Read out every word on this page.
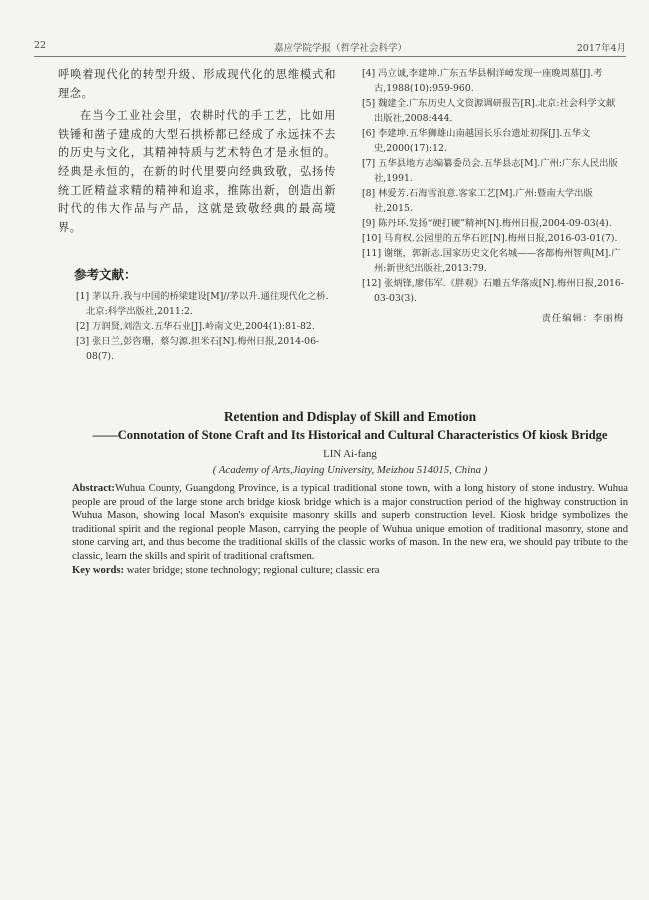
22	嘉应学院学报（哲学社会科学）	2017年4月

呼唤着现代化的转型升级、形成现代化的思维模式和理念。

在当今工业社会里，农耕时代的手工艺，比如用铁锤和凿子建成的大型石拱桥都已经成了永远抹不去的历史与文化，其精神特质与艺术特色才是永恒的。经典是永恒的，在新的时代里要向经典致敬，弘扬传统工匠精益求精的精神和追求，推陈出新，创造出新时代的伟大作品与产品，这就是致敬经典的最高境界。

参考文献：
[1] 茅以升.我与中国的桥梁建设[M]//茅以升.通往现代化之桥.北京:科学出版社,2011:2.
[2] 万润贤,刘浩文.五华石业[J].岭南文史,2004(1):81-82.
[3] 张日兰,彭咨珊，蔡匀源.担米石[N].梅州日报,2014-06-08(7).
[4] 冯立诚,李建坤.广东五华县桐洋嶂发现一座晚周墓[J].考古,1988(10):959-960.
[5] 魏建全.广东历史人文资源调研报告[R].北京:社会科学文献出版社,2008:444.
[6] 李建坤.五华狮雄山南越国长乐台遗址初探[J].五华文史,2000(17):12.
[7] 五华县地方志编纂委员会.五华县志[M].广州:广东人民出版社,1991.
[8] 林爱芳.石海雪浪意.客家工艺[M].广州:暨南大学出版社,2015.
[9] 陈丹环.发扬“硬打硬”精神[N].梅州日报,2004-09-03(4).
[10] 马育权.公园里的五华石匠[N].梅州日报,2016-03-01(7).
[11] 谢继，郭新志.国家历史文化名城——客都梅州智典[M].广州:新世纪出版社,2013:79.
[12] 张炳锋,廖伟军.《胖观》石雕五华落成[N].梅州日报,2016-03-03(3).
责任编辑：李丽梅

Retention and Ddisplay of Skill and Emotion

——Connotation of Stone Craft and Its Historical and Cultural Characteristics Of kiosk Bridge

LIN Ai-fang
( Academy of Arts,Jiaying University, Meizhou 514015, China )
Abstract:Wuhua County, Guangdong Province, is a typical traditional stone town, with a long history of stone industry. Wuhua people are proud of the large stone arch bridge kiosk bridge which is a major construction period of the highway construction in Wuhua Mason, showing local Mason's exquisite masonry skills and superb construction level. Kiosk bridge symbolizes the traditional spirit and the regional people Mason, carrying the people of Wuhua unique emotion of traditional masonry, stone and stone carving art, and thus become the traditional skills of the classic works of mason. In the new era, we should pay tribute to the classic, learn the skills and spirit of traditional craftsmen.
Key words: water bridge; stone technology; regional culture; classic era
